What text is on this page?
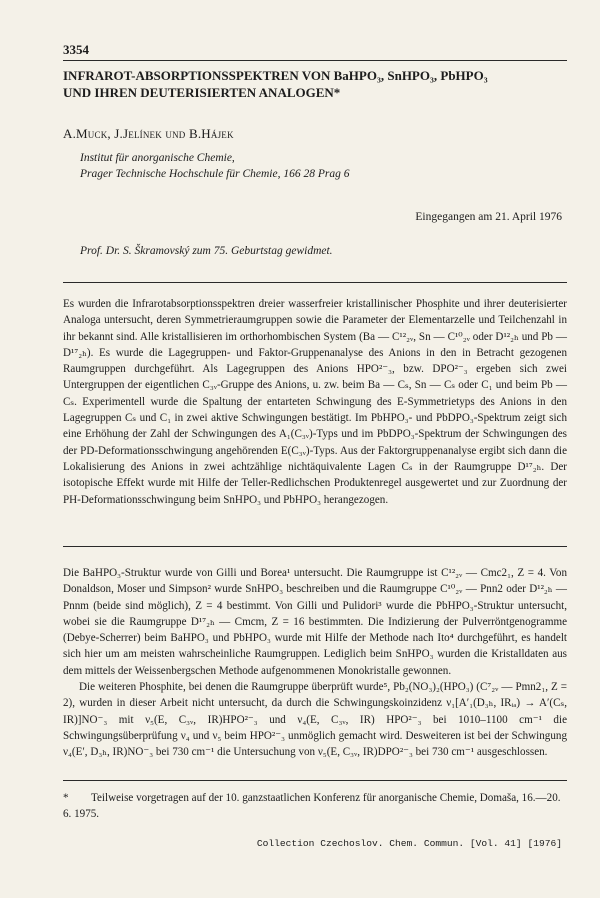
3354
INFRAROT-ABSORPTIONSSPEKTREN VON BaHPO₃, SnHPO₃, PbHPO₃
UND IHREN DEUTERISIERTEN ANALOGEN*
A.Muck, J.Jelínek und B.Hájek
Institut für anorganische Chemie,
Prager Technische Hochschule für Chemie, 166 28 Prag 6
Eingegangen am 21. April 1976
Prof. Dr. S. Škramovský zum 75. Geburtstag gewidmet.
Es wurden die Infrarotabsorptionsspektren dreier wasserfreier kristallinischer Phosphite und ihrer deuterisierter Analoga untersucht, deren Symmetrieraumgruppen sowie die Parameter der Elementarzelle und Teilchenzahl in ihr bekannt sind. Alle kristallisieren im orthorhombischen System (Ba — C¹²₂ᵥ, Sn — C¹⁰₂ᵥ oder D¹²₂ₕ und Pb — D¹⁷₂ₕ). Es wurde die Lagegruppen- und Faktor-Gruppenanalyse des Anions in den in Betracht gezogenen Raumgruppen durchgeführt. Als Lagegruppen des Anions HPO²⁻₃, bzw. DPO²⁻₃ ergeben sich zwei Untergruppen der eigentlichen C₃ᵥ-Gruppe des Anions, u. zw. beim Ba — Cₛ, Sn — Cₛ oder C₁ und beim Pb — Cₛ. Experimentell wurde die Spaltung der entarteten Schwingung des E-Symmetrietyps des Anions in den Lagegruppen Cₛ und C₁ in zwei aktive Schwingungen bestätigt. Im PbHPO₃- und PbDPO₃-Spektrum zeigt sich eine Erhöhung der Zahl der Schwingungen des A₁(C₃ᵥ)-Typs und im PbDPO₃-Spektrum der Schwingungen des der PD-Deformationsschwingung angehörenden E(C₃ᵥ)-Typs. Aus der Faktorgruppenanalyse ergibt sich dann die Lokalisierung des Anions in zwei achtzählige nichtäquivalente Lagen Cₛ in der Raumgruppe D¹⁷₂ₕ. Der isotopische Effekt wurde mit Hilfe der Teller-Redlichschen Produktenregel ausgewertet und zur Zuordnung der PH-Deformationsschwingung beim SnHPO₃ und PbHPO₃ herangezogen.

Die BaHPO₃-Struktur wurde von Gilli und Borea¹ untersucht. Die Raumgruppe ist C¹²₂ᵥ — Cmc2₁, Z = 4. Von Donaldson, Moser und Simpson² wurde SnHPO₃ beschreiben und die Raumgruppe C¹⁰₂ᵥ — Pnn2 oder D¹²₂ₕ — Pnnm (beide sind möglich), Z = 4 bestimmt. Von Gilli und Pulidori³ wurde die PbHPO₃-Struktur untersucht, wobei sie die Raumgruppe D¹⁷₂ₕ — Cmcm, Z = 16 bestimmten. Die Indizierung der Pulverröntgenogramme (Debye-Scherrer) beim BaHPO₃ und PbHPO₃ wurde mit Hilfe der Methode nach Ito⁴ durchgeführt, es handelt sich hier um am meisten wahrscheinliche Raumgruppen. Lediglich beim SnHPO₃ wurden die Kristalldaten aus dem mittels der Weissenbergschen Methode aufgenommenen Monokristalle gewonnen.

Die weiteren Phosphite, bei denen die Raumgruppe überprüft wurde⁵, Pb₂(NO₃)₂(HPO₃) (C⁷₂ᵥ — Pmn2₁, Z = 2), wurden in dieser Arbeit nicht untersucht, da durch die Schwingungskoinzidenz ν₁[A′₁(D₃ₕ, IRᵢₐ) → A′(Cₛ, IR)]NO⁻₃ mit ν₅(E, C₃ᵥ, IR)HPO²⁻₃ und ν₄(E, C₃ᵥ, IR) HPO²⁻₃ bei 1010–1100 cm⁻¹ die Schwingungsüberprüfung ν₄ und ν₅ beim HPO²⁻₃ unmöglich gemacht wird. Desweiteren ist bei der Schwingung ν₄(E′, D₃ₕ, IR)NO⁻₃ bei 730 cm⁻¹ die Untersuchung von ν₅(E, C₃ᵥ, IR)DPO²⁻₃ bei 730 cm⁻¹ ausgeschlossen.

* Teilweise vorgetragen auf der 10. ganzstaatlichen Konferenz für anorganische Chemie, Domaša, 16.—20. 6. 1975.
Collection Czechoslov. Chem. Commun. [Vol. 41] [1976]
